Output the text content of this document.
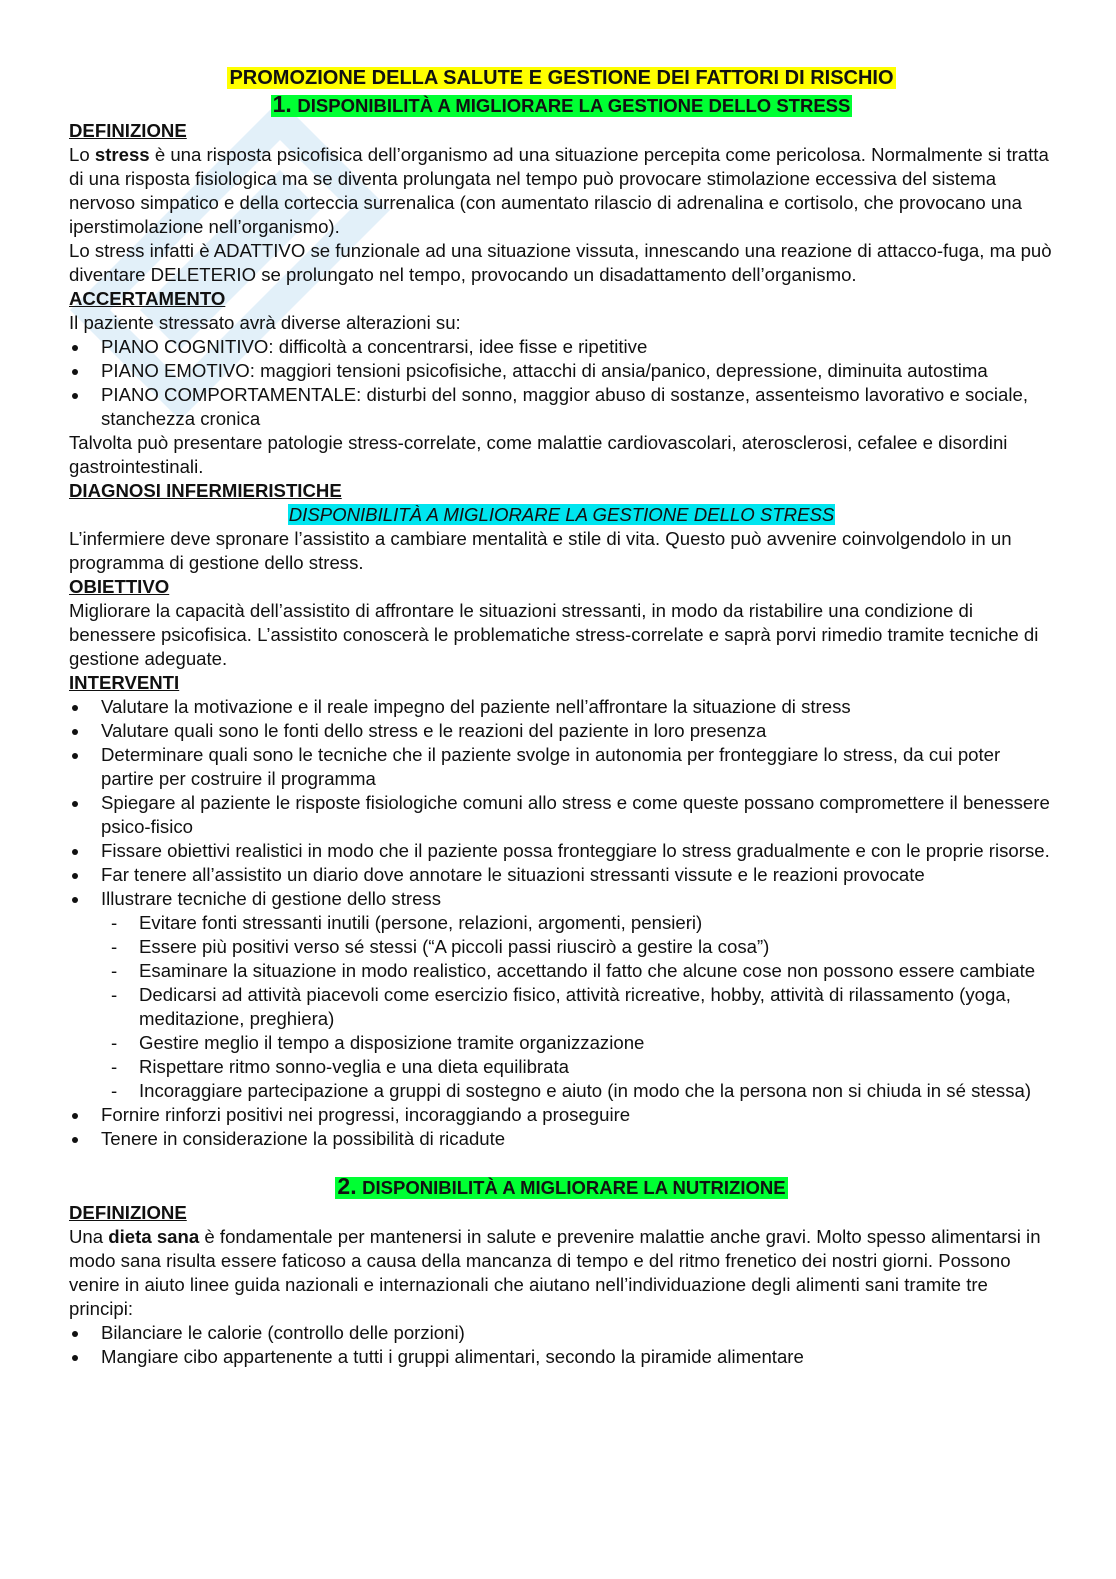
PROMOZIONE DELLA SALUTE E GESTIONE DEI FATTORI DI RISCHIO

1. DISPONIBILITÀ A MIGLIORARE LA GESTIONE DELLO STRESS

DEFINIZIONE

Lo stress è una risposta psicofisica dell’organismo ad una situazione percepita come pericolosa. Normalmente si tratta di una risposta fisiologica ma se diventa prolungata nel tempo può provocare stimolazione eccessiva del sistema nervoso simpatico e della corteccia surrenalica (con aumentato rilascio di adrenalina e cortisolo, che provocano una iperstimolazione nell’organismo).

Lo stress infatti è ADATTIVO se funzionale ad una situazione vissuta, innescando una reazione di attacco-fuga, ma può diventare DELETERIO se prolungato nel tempo, provocando un disadattamento dell’organismo.

ACCERTAMENTO

Il paziente stressato avrà diverse alterazioni su:

PIANO COGNITIVO: difficoltà a concentrarsi, idee fisse e ripetitive
PIANO EMOTIVO: maggiori tensioni psicofisiche, attacchi di ansia/panico, depressione, diminuita autostima
PIANO COMPORTAMENTALE: disturbi del sonno, maggior abuso di sostanze, assenteismo lavorativo e sociale, stanchezza cronica

Talvolta può presentare patologie stress-correlate, come malattie cardiovascolari, aterosclerosi, cefalee e disordini gastrointestinali.

DIAGNOSI INFERMIERISTICHE

DISPONIBILITÀ A MIGLIORARE LA GESTIONE DELLO STRESS

L’infermiere deve spronare l’assistito a cambiare mentalità e stile di vita. Questo può avvenire coinvolgendolo in un programma di gestione dello stress.

OBIETTIVO

Migliorare la capacità dell’assistito di affrontare le situazioni stressanti, in modo da ristabilire una condizione di benessere psicofisica. L’assistito conoscerà le problematiche stress-correlate e saprà porvi rimedio tramite tecniche di gestione adeguate.

INTERVENTI

Valutare la motivazione e il reale impegno del paziente nell’affrontare la situazione di stress
Valutare quali sono le fonti dello stress e le reazioni del paziente in loro presenza
Determinare quali sono le tecniche che il paziente svolge in autonomia per fronteggiare lo stress, da cui poter partire per costruire il programma
Spiegare al paziente le risposte fisiologiche comuni allo stress e come queste possano compromettere il benessere psico-fisico
Fissare obiettivi realistici in modo che il paziente possa fronteggiare lo stress gradualmente e con le proprie risorse.
Far tenere all’assistito un diario dove annotare le situazioni stressanti vissute e le reazioni provocate
Illustrare tecniche di gestione dello stress
- Evitare fonti stressanti inutili (persone, relazioni, argomenti, pensieri)
- Essere più positivi verso sé stessi (“A piccoli passi riuscirò a gestire la cosa”)
- Esaminare la situazione in modo realistico, accettando il fatto che alcune cose non possono essere cambiate
- Dedicarsi ad attività piacevoli come esercizio fisico, attività ricreative, hobby, attività di rilassamento (yoga, meditazione, preghiera)
- Gestire meglio il tempo a disposizione tramite organizzazione
- Rispettare ritmo sonno-veglia e una dieta equilibrata
- Incoraggiare partecipazione a gruppi di sostegno e aiuto (in modo che la persona non si chiuda in sé stessa)
Fornire rinforzi positivi nei progressi, incoraggiando a proseguire
Tenere in considerazione la possibilità di ricadute

2. DISPONIBILITÀ A MIGLIORARE LA NUTRIZIONE

DEFINIZIONE

Una dieta sana è fondamentale per mantenersi in salute e prevenire malattie anche gravi. Molto spesso alimentarsi in modo sana risulta essere faticoso a causa della mancanza di tempo e del ritmo frenetico dei nostri giorni. Possono venire in aiuto linee guida nazionali e internazionali che aiutano nell’individuazione degli alimenti sani tramite tre principi:

Bilanciare le calorie (controllo delle porzioni)
Mangiare cibo appartenente a tutti i gruppi alimentari, secondo la piramide alimentare
